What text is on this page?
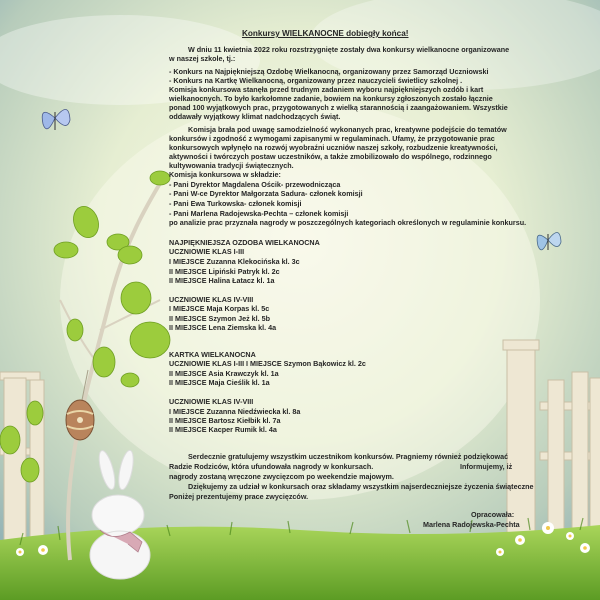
Konkursy WIELKANOCNE dobiegły końca!
W dniu 11 kwietnia 2022 roku rozstrzygnięte zostały dwa konkursy wielkanocne organizowane
w naszej szkole, tj.:
- Konkurs na Najpiękniejszą Ozdobę Wielkanocną, organizowany przez Samorząd Uczniowski
- Konkurs na Kartkę Wielkanocną, organizowany przez nauczycieli świetlicy szkolnej .
Komisja konkursowa stanęła przed trudnym zadaniem wyboru najpiękniejszych ozdób i kart
wielkanocnych. To było karkołomne zadanie, bowiem na konkursy zgłoszonych zostało łącznie
ponad 100 wyjątkowych prac, przygotowanych z wielką starannością i zaangażowaniem. Wszystkie
oddawały wyjątkowy klimat nadchodzących świąt.
Komisja brała pod uwagę samodzielność wykonanych prac, kreatywne podejście do tematów
konkursów i zgodność z wymogami zapisanymi w regulaminach. Ufamy, że przygotowanie prac
konkursowych wpłynęło na rozwój wyobraźni uczniów naszej szkoły, rozbudzenie kreatywności,
aktywności i twórczych postaw uczestników, a także zmobilizowało do wspólnego, rodzinnego
kultywowania tradycji świątecznych.
Komisja konkursowa w składzie:
- Pani Dyrektor Magdalena Ościk- przewodnicząca
- Pani W-ce Dyrektor Małgorzata Sadura- członek komisji
- Pani Ewa Turkowska- członek komisji
- Pani Marlena Radojewska-Pechta – członek komisji
po analizie prac przyznała nagrody w poszczególnych kategoriach określonych w regulaminie konkursu.
NAJPIĘKNIEJSZA OZDOBA WIELKANOCNA
UCZNIOWIE KLAS I-III
I MIEJSCE Zuzanna Klekocińska kl. 3c
II MIEJSCE Lipiński Patryk kl. 2c
II MIEJSCE Halina Łatacz kl. 1a
UCZNIOWIE KLAS IV-VIII
I MIEJSCE Maja Korpas kl. 5c
II MIEJSCE Szymon Jeż kl. 5b
II MIEJSCE Lena Ziemska kl. 4a
KARTKA WIELKANOCNA
UCZNIOWIE KLAS I-III I MIEJSCE Szymon Bąkowicz kl. 2c
II MIEJSCE Asia Krawczyk kl. 1a
II MIEJSCE Maja Cieślik kl. 1a
UCZNIOWIE KLAS IV-VIII
I MIEJSCE Zuzanna Niedźwiecka kl. 8a
II MIEJSCE Bartosz Kiełbik kl. 7a
II MIEJSCE Kacper Rumik kl. 4a
Serdecznie gratulujemy wszystkim uczestnikom konkursów. Pragniemy również podziękować
Radzie Rodziców, która ufundowała nagrody w konkursach.	Informujemy, iż
nagrody zostaną wręczone zwycięzcom po weekendzie majowym.
Dziękujemy za udział w konkursach oraz składamy wszystkim najserdeczniejsze życzenia świąteczne
Poniżej prezentujemy prace zwycięzców.
Opracowała:
Marlena Radojewska-Pechta
